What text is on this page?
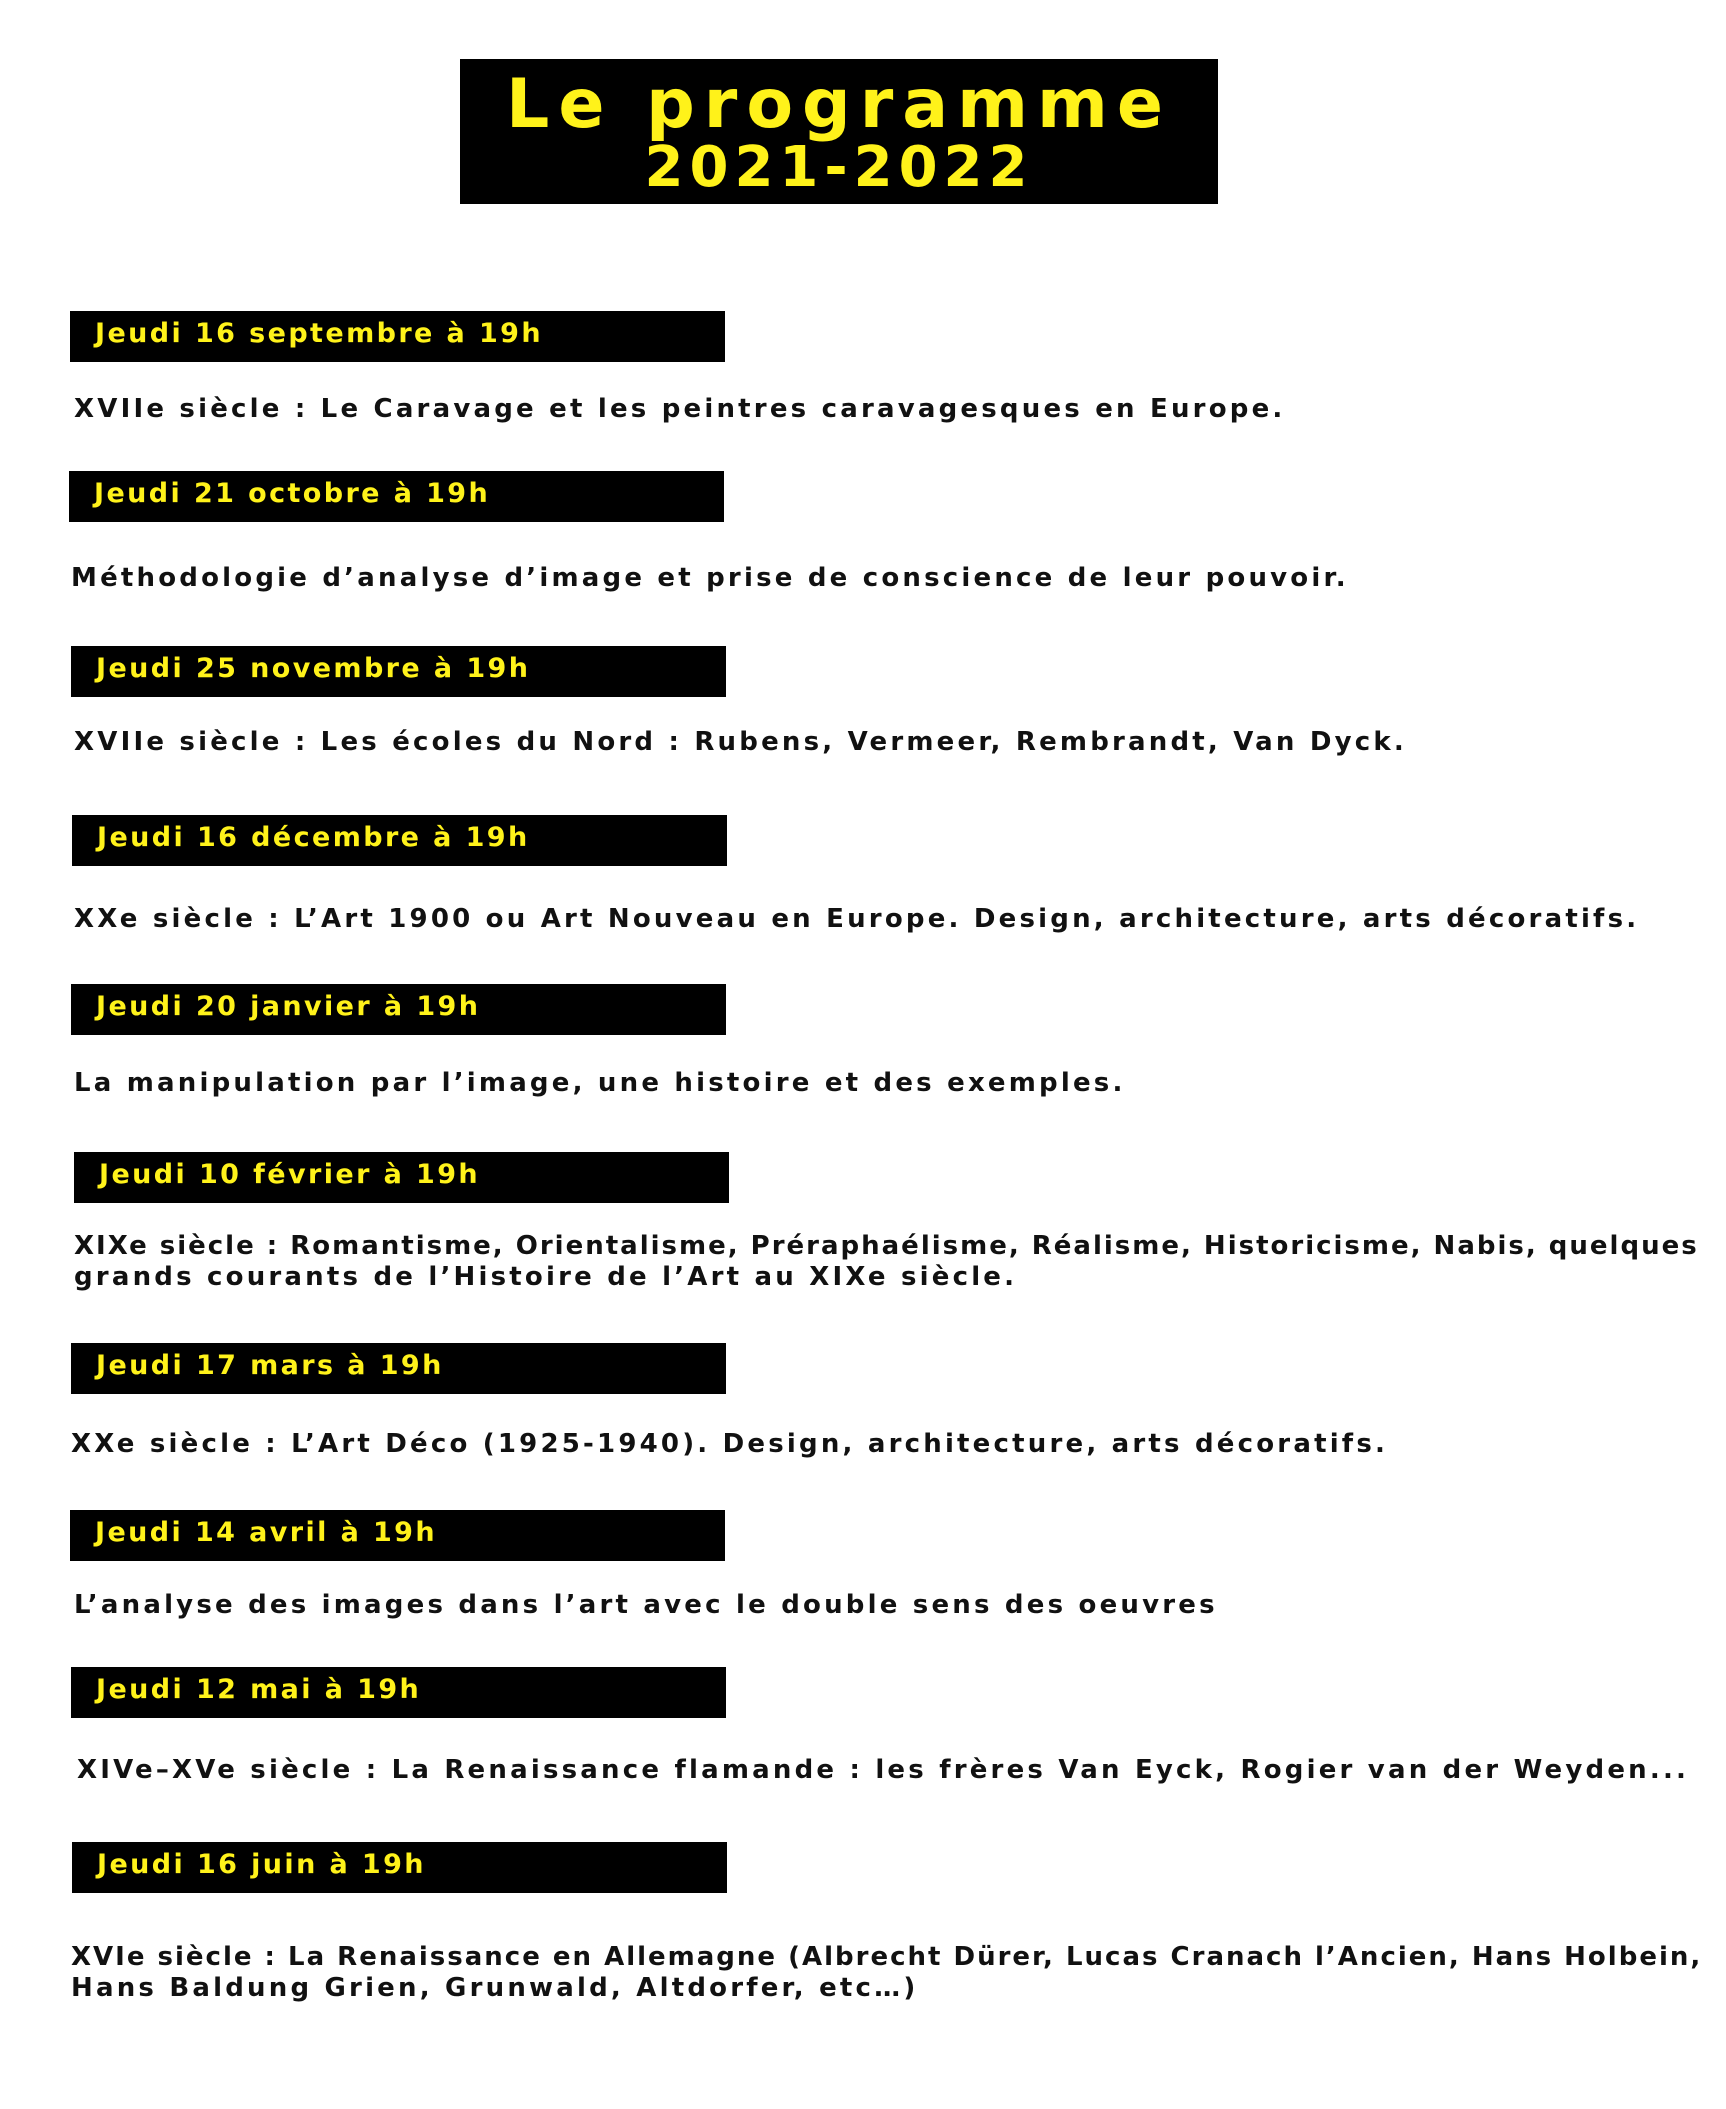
Le programme
2021-2022
Jeudi 16 septembre à 19h
XVIIe siècle : Le Caravage et les peintres caravagesques en Europe.
Jeudi 21 octobre à 19h
Méthodologie d’analyse d’image et prise de conscience de leur pouvoir.
Jeudi 25 novembre à 19h
XVIIe siècle : Les écoles du Nord : Rubens, Vermeer, Rembrandt, Van Dyck.
Jeudi 16 décembre à 19h
XXe siècle : L’Art 1900 ou Art Nouveau en Europe. Design, architecture, arts décoratifs.
Jeudi 20 janvier à 19h
La manipulation par l’image, une histoire et des exemples.
Jeudi 10 février à 19h
XIXe siècle : Romantisme, Orientalisme, Préraphaélisme, Réalisme, Historicisme, Nabis, quelques
grands courants de l’Histoire de l’Art au XIXe siècle.
Jeudi 17 mars à 19h
XXe siècle : L’Art Déco (1925-1940). Design, architecture, arts décoratifs.
Jeudi 14 avril à 19h
L’analyse des images dans l’art avec le double sens des oeuvres
Jeudi 12 mai à 19h
XIVe–XVe siècle : La Renaissance flamande : les frères Van Eyck, Rogier van der Weyden...
Jeudi 16 juin à 19h
XVIe siècle : La Renaissance en Allemagne (Albrecht Dürer, Lucas Cranach l’Ancien, Hans Holbein,
Hans Baldung Grien, Grunwald, Altdorfer, etc…)
